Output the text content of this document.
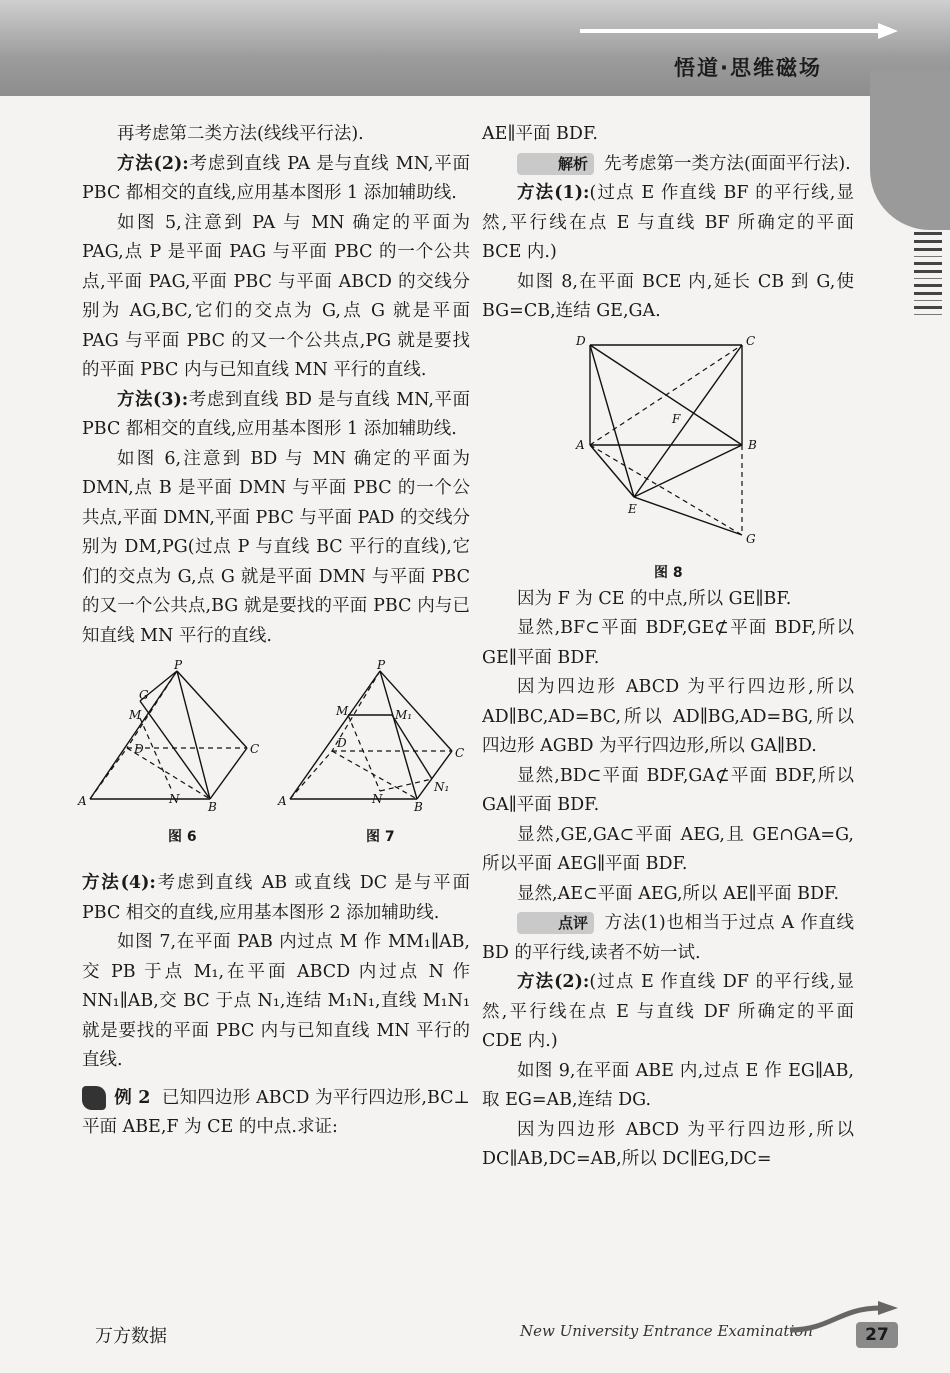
悟道·思维磁场

再考虑第二类方法(线线平行法).

方法(2):考虑到直线 PA 是与直线 MN,平面 PBC 都相交的直线,应用基本图形 1 添加辅助线.

如图 5,注意到 PA 与 MN 确定的平面为 PAG,点 P 是平面 PAG 与平面 PBC 的一个公共点,平面 PAG,平面 PBC 与平面 ABCD 的交线分别为 AG,BC,它们的交点为 G,点 G 就是平面 PAG 与平面 PBC 的又一个公共点,PG 就是要找的平面 PBC 内与已知直线 MN 平行的直线.

方法(3):考虑到直线 BD 是与直线 MN,平面 PBC 都相交的直线,应用基本图形 1 添加辅助线.

如图 6,注意到 BD 与 MN 确定的平面为 DMN,点 B 是平面 DMN 与平面 PBC 的一个公共点,平面 DMN,平面 PBC 与平面 PAD 的交线分别为 DM,PG(过点 P 与直线 BC 平行的直线),它们的交点为 G,点 G 就是平面 DMN 与平面 PBC 的又一个公共点,BG 就是要找的平面 PBC 内与已知直线 MN 平行的直线.

P
G
M
D	C
A	N
B
图 6
P
M	M₁
D
C
A	N
N₁
B
图 7

方法(4):考虑到直线 AB 或直线 DC 是与平面 PBC 相交的直线,应用基本图形 2 添加辅助线.

如图 7,在平面 PAB 内过点 M 作 MM₁∥AB,交 PB 于点 M₁,在平面 ABCD 内过点 N 作 NN₁∥AB,交 BC 于点 N₁,连结 M₁N₁,直线 M₁N₁ 就是要找的平面 PBC 内与已知直线 MN 平行的直线.

例 2 已知四边形 ABCD 为平行四边形,BC⊥平面 ABE,F 为 CE 的中点.求证:

AE∥平面 BDF.

解析 先考虑第一类方法(面面平行法).

方法(1):(过点 E 作直线 BF 的平行线,显然,平行线在点 E 与直线 BF 所确定的平面 BCE 内.)

如图 8,在平面 BCE 内,延长 CB 到 G,使 BG=CB,连结 GE,GA.

D	C
F
A	B
E
G
图 8

因为 F 为 CE 的中点,所以 GE∥BF.

显然,BF⊂平面 BDF,GE⊄平面 BDF,所以 GE∥平面 BDF.

因为四边形 ABCD 为平行四边形,所以 AD∥BC,AD=BC,所以 AD∥BG,AD=BG,所以四边形 AGBD 为平行四边形,所以 GA∥BD.

显然,BD⊂平面 BDF,GA⊄平面 BDF,所以 GA∥平面 BDF.

显然,GE,GA⊂平面 AEG,且 GE∩GA=G,所以平面 AEG∥平面 BDF.

显然,AE⊂平面 AEG,所以 AE∥平面 BDF.

点评 方法(1)也相当于过点 A 作直线 BD 的平行线,读者不妨一试.

方法(2):(过点 E 作直线 DF 的平行线,显然,平行线在点 E 与直线 DF 所确定的平面 CDE 内.)

如图 9,在平面 ABE 内,过点 E 作 EG∥AB,取 EG=AB,连结 DG.

因为四边形 ABCD 为平行四边形,所以 DC∥AB,DC=AB,所以 DC∥EG,DC=

万方数据	New University Entrance Examination	27
